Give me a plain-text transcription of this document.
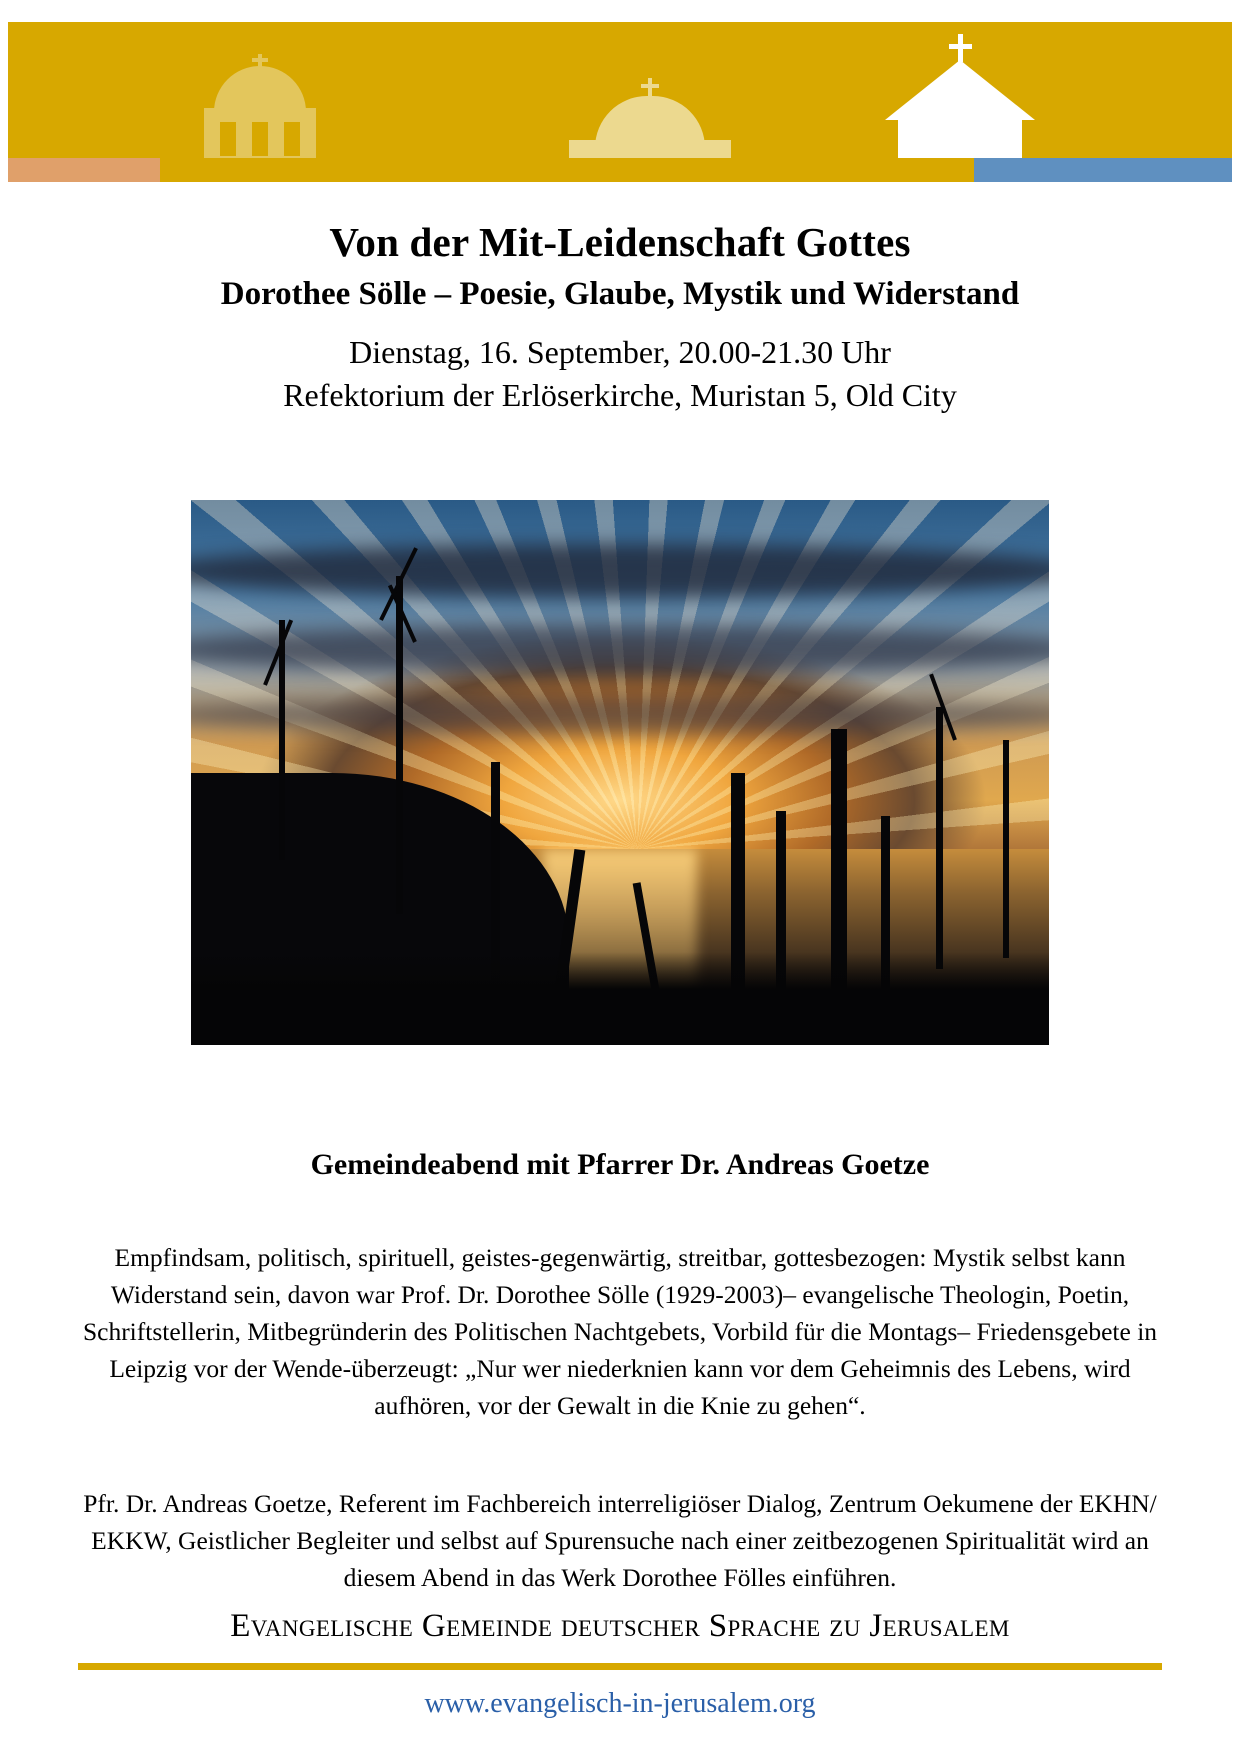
Von der Mit-Leidenschaft Gottes
Dorothee Sölle – Poesie, Glaube, Mystik und Widerstand

Dienstag, 16. September, 20.00-21.30 Uhr

Refektorium der Erlöserkirche, Muristan 5, Old City

Gemeindeabend mit Pfarrer Dr. Andreas Goetze

Empfindsam, politisch, spirituell, geistes-gegenwärtig, streitbar, gottesbezogen: Mystik selbst kann Widerstand sein, davon war Prof. Dr. Dorothee Sölle (1929-2003)– evangelische Theologin, Poetin, Schriftstellerin, Mitbegründerin des Politischen Nachtgebets, Vorbild für die Montags– Friedensgebete in Leipzig vor der Wende-überzeugt: „Nur wer niederknien kann vor dem Geheimnis des Lebens, wird aufhören, vor der Gewalt in die Knie zu gehen“.

Pfr. Dr. Andreas Goetze, Referent im Fachbereich interreligiöser Dialog, Zentrum Oekumene der EKHN/ EKKW, Geistlicher Begleiter und selbst auf Spurensuche nach einer zeitbezogenen Spiritualität wird an diesem Abend in das Werk Dorothee Fölles einführen.

Evangelische Gemeinde deutscher Sprache zu Jerusalem
www.evangelisch-in-jerusalem.org
